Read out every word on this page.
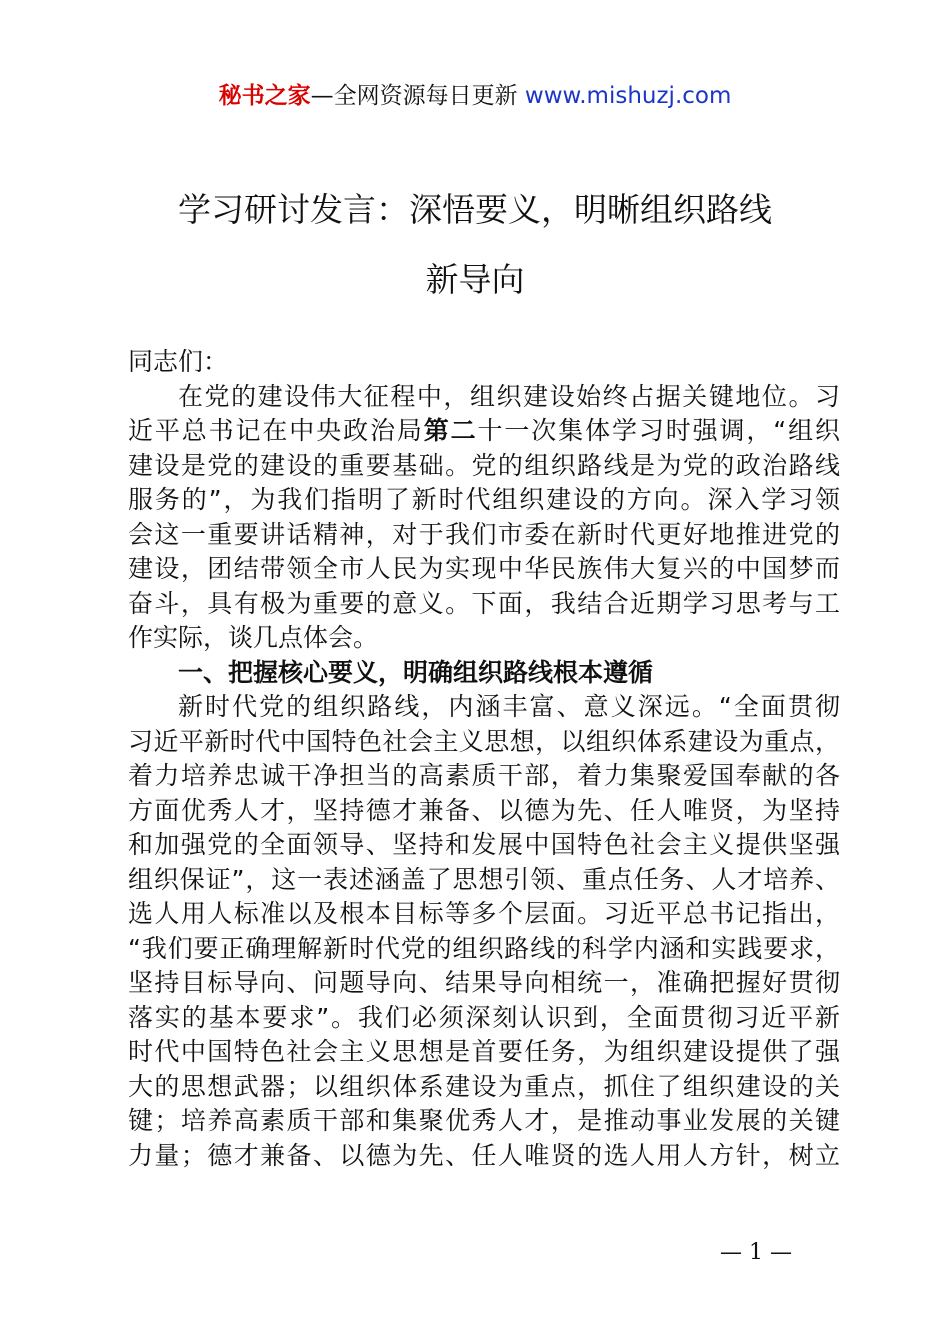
秘书之家—全网资源每日更新 www.mishuzj.com
学习研讨发言：深悟要义，明晰组织路线
新导向
同志们：
在党的建设伟大征程中，组织建设始终占据关键地位。习
近平总书记在中央政治局第二十一次集体学习时强调，“组织
建设是党的建设的重要基础。党的组织路线是为党的政治路线
服务的”，为我们指明了新时代组织建设的方向。深入学习领
会这一重要讲话精神，对于我们市委在新时代更好地推进党的
建设，团结带领全市人民为实现中华民族伟大复兴的中国梦而
奋斗，具有极为重要的意义。下面，我结合近期学习思考与工
作实际，谈几点体会。
一、把握核心要义，明确组织路线根本遵循
新时代党的组织路线，内涵丰富、意义深远。“全面贯彻
习近平新时代中国特色社会主义思想，以组织体系建设为重点，
着力培养忠诚干净担当的高素质干部，着力集聚爱国奉献的各
方面优秀人才，坚持德才兼备、以德为先、任人唯贤，为坚持
和加强党的全面领导、坚持和发展中国特色社会主义提供坚强
组织保证”，这一表述涵盖了思想引领、重点任务、人才培养、
选人用人标准以及根本目标等多个层面。习近平总书记指出，
“我们要正确理解新时代党的组织路线的科学内涵和实践要求，
坚持目标导向、问题导向、结果导向相统一，准确把握好贯彻
落实的基本要求”。我们必须深刻认识到，全面贯彻习近平新
时代中国特色社会主义思想是首要任务，为组织建设提供了强
大的思想武器；以组织体系建设为重点，抓住了组织建设的关
键；培养高素质干部和集聚优秀人才，是推动事业发展的关键
力量；德才兼备、以德为先、任人唯贤的选人用人方针，树立
— 1 —
